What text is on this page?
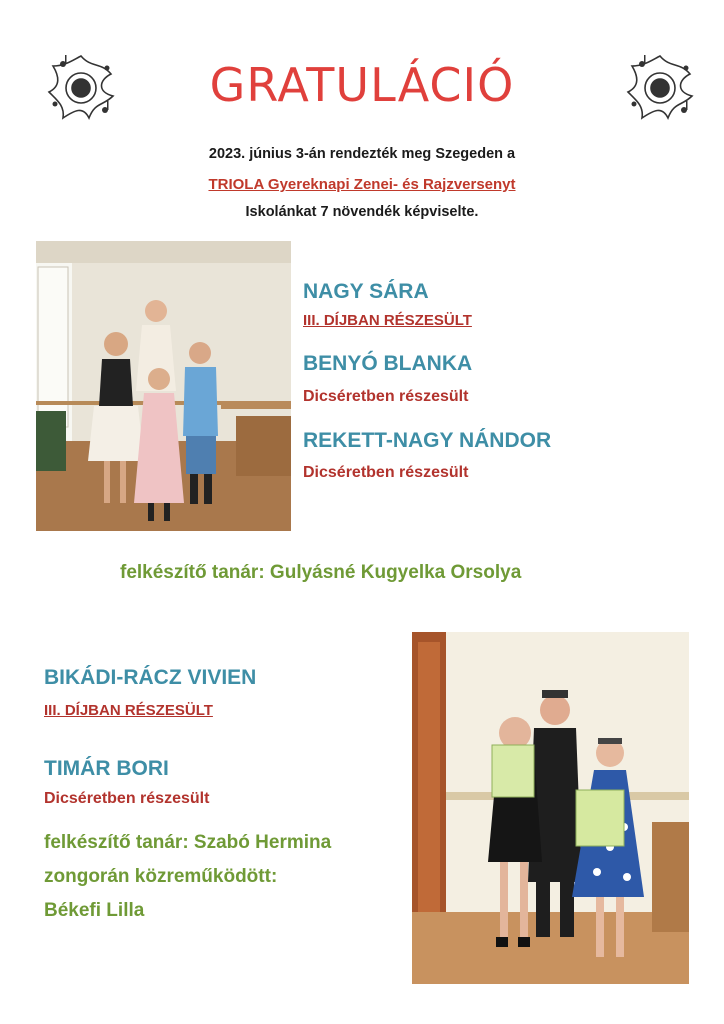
GRATULÁCIÓ
2023. június 3-án rendezték meg Szegeden a
TRIOLA Gyereknapi Zenei- és Rajzversenyt
Iskolánkat 7 növendék képviselte.
NAGY SÁRA
III. DÍJBAN RÉSZESÜLT
BENYÓ BLANKA
Dicséretben részesült
REKETT-NAGY NÁNDOR
Dicséretben részesült
felkészítő tanár: Gulyásné Kugyelka Orsolya
BIKÁDI-RÁCZ VIVIEN
III. DÍJBAN RÉSZESÜLT
TIMÁR BORI
Dicséretben részesült
felkészítő tanár: Szabó Hermina
zongorán közreműködött:
Békefi Lilla
